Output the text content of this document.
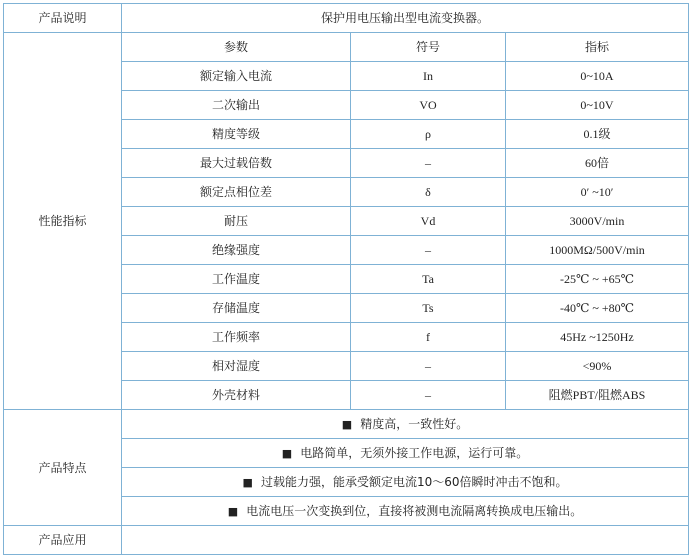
产品说明	保护用电压输出型电流变换器。		
性能指标	参数	符号	指标
	额定输入电流	In	0~10A
	二次输出	VO	0~10V
	精度等级	ρ	0.1级
	最大过载倍数	–	60倍
	额定点相位差	δ	0′ ~10′
	耐压	Vd	3000V/min
	绝缘强度	–	1000MΩ/500V/min
	工作温度	Ta	-25℃ ~ +65℃
	存储温度	Ts	-40℃ ~ +80℃
	工作频率	f	45Hz ~1250Hz
	相对湿度	–	<90%
	外壳材料	–	阻燃PBT/阻燃ABS
产品特点	■ 精度高，一致性好。		
	■ 电路简单，无须外接工作电源，运行可靠。		
	■ 过载能力强，能承受额定电流10～60倍瞬时冲击不饱和。		
	■ 电流电压一次变换到位，直接将被测电流隔离转换成电压输出。		
产品应用			
